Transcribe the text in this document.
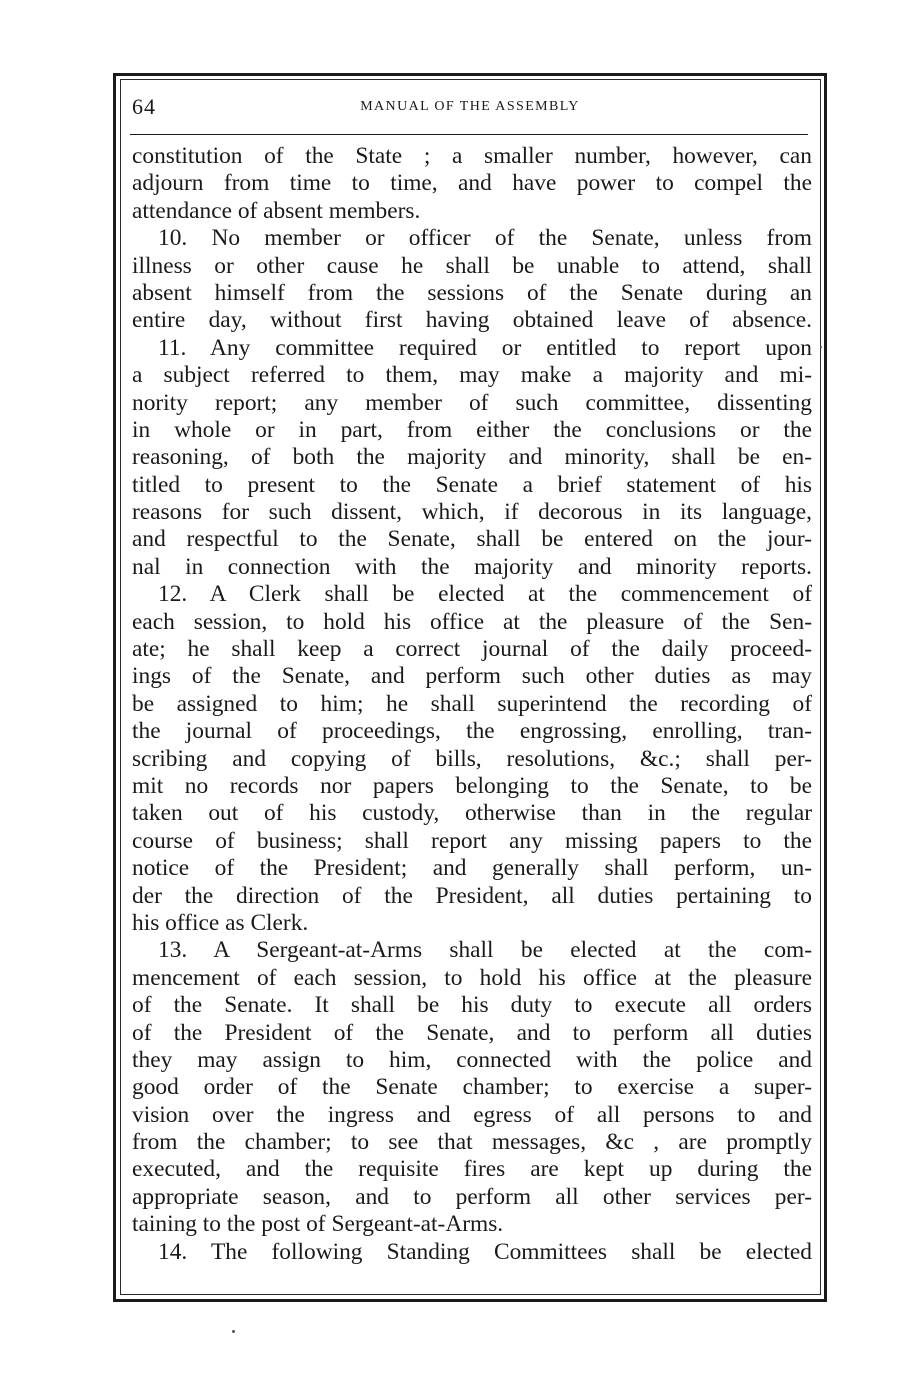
64	MANUAL OF THE ASSEMBLY
constitution of the State ; a smaller number, however, can
adjourn from time to time, and have power to compel the
attendance of absent members.
10. No member or officer of the Senate, unless from
illness or other cause he shall be unable to attend, shall
absent himself from the sessions of the Senate during an
entire day, without first having obtained leave of absence.
11. Any committee required or entitled to report upon
a subject referred to them, may make a majority and mi-
nority report; any member of such committee, dissenting
in whole or in part, from either the conclusions or the
reasoning, of both the majority and minority, shall be en-
titled to present to the Senate a brief statement of his
reasons for such dissent, which, if decorous in its language,
and respectful to the Senate, shall be entered on the jour-
nal in connection with the majority and minority reports.
12. A Clerk shall be elected at the commencement of
each session, to hold his office at the pleasure of the Sen-
ate; he shall keep a correct journal of the daily proceed-
ings of the Senate, and perform such other duties as may
be assigned to him; he shall superintend the recording of
the journal of proceedings, the engrossing, enrolling, tran-
scribing and copying of bills, resolutions, &c.; shall per-
mit no records nor papers belonging to the Senate, to be
taken out of his custody, otherwise than in the regular
course of business; shall report any missing papers to the
notice of the President; and generally shall perform, un-
der the direction of the President, all duties pertaining to
his office as Clerk.
13. A Sergeant-at-Arms shall be elected at the com-
mencement of each session, to hold his office at the pleasure
of the Senate. It shall be his duty to execute all orders
of the President of the Senate, and to perform all duties
they may assign to him, connected with the police and
good order of the Senate chamber; to exercise a super-
vision over the ingress and egress of all persons to and
from the chamber; to see that messages, &c , are promptly
executed, and the requisite fires are kept up during the
appropriate season, and to perform all other services per-
taining to the post of Sergeant-at-Arms.
14. The following Standing Committees shall be elected
